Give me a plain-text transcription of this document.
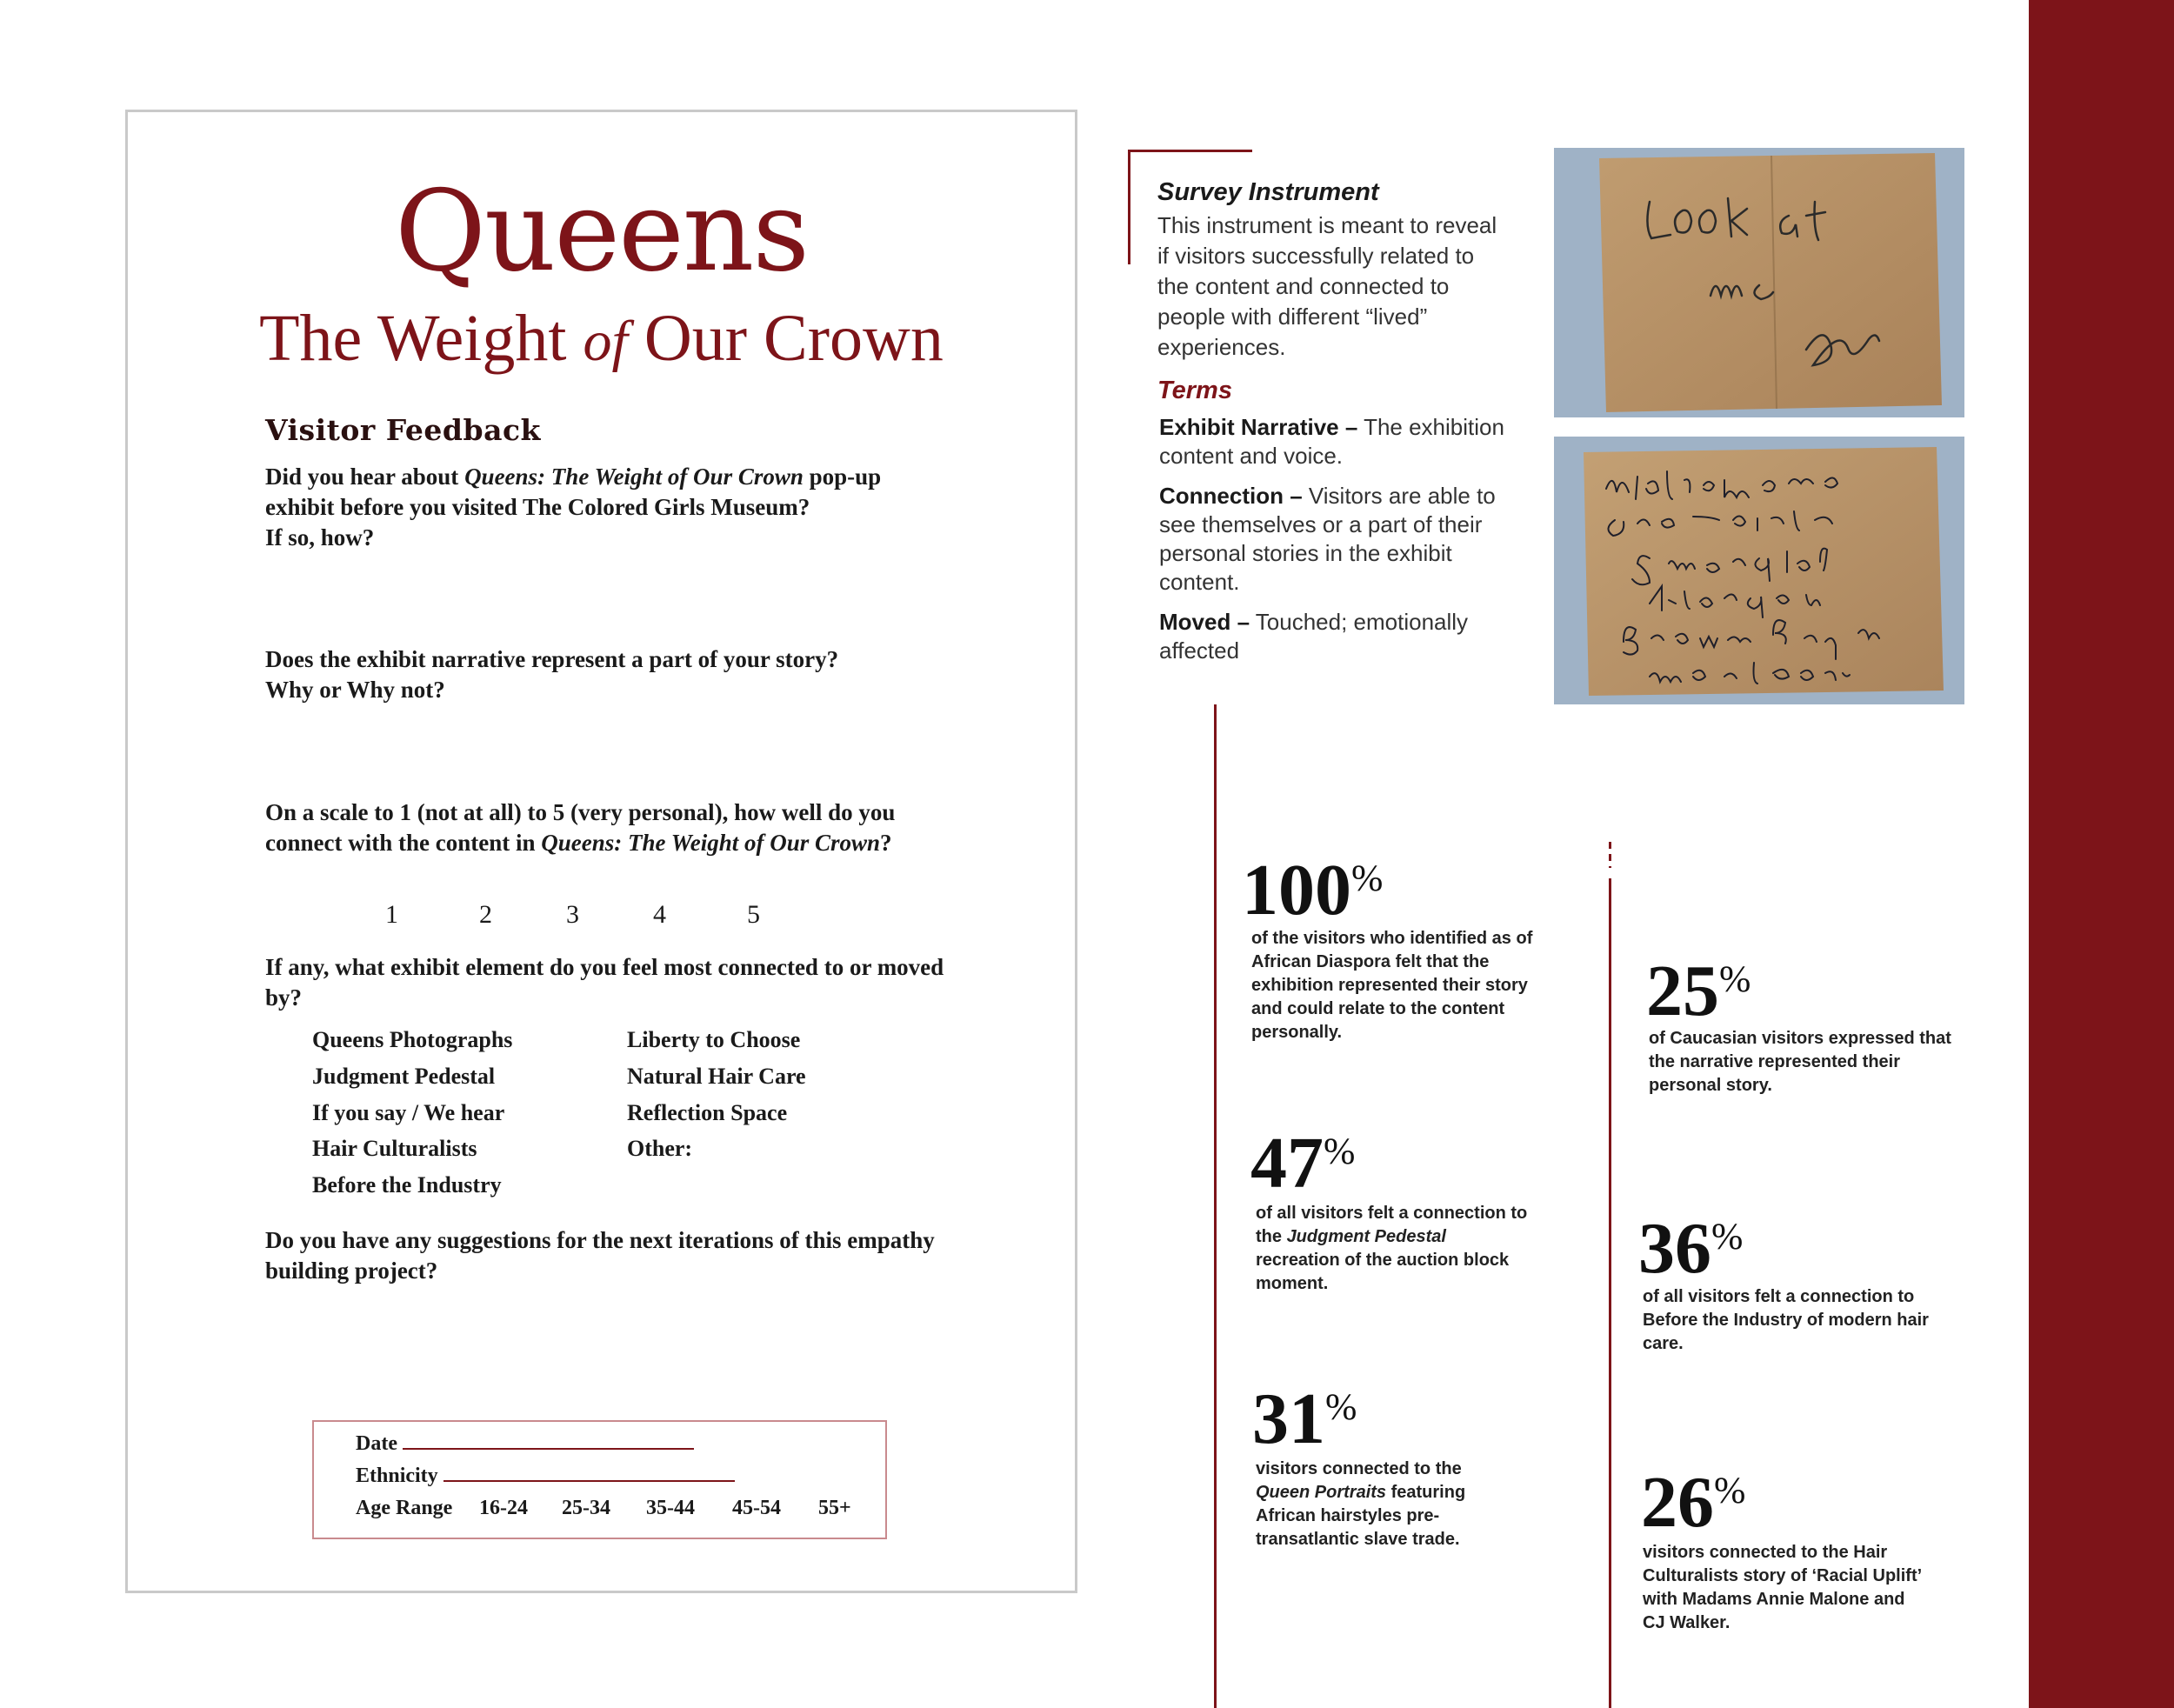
Queens
The Weight of Our Crown
Visitor Feedback
Did you hear about Queens: The Weight of Our Crown pop-up exhibit before you visited The Colored Girls Museum?
If so, how?
Does the exhibit narrative represent a part of your story?
Why or Why not?
On a scale to 1 (not at all) to 5 (very personal), how well do you connect with the content in Queens: The Weight of Our Crown?
1	2	3	4	5
If any, what exhibit element do you feel most connected to or moved by?
Queens Photographs
Judgment Pedestal
If you say / We hear
Hair Culturalists
Before the Industry
Liberty to Choose
Natural Hair Care
Reflection Space
Other:
Do you have any suggestions for the next iterations of this empathy building project?
Date
Ethnicity
Age Range 16-24 25-34 35-44 45-54 55+
Survey Instrument
This instrument is meant to reveal if visitors successfully related to the content and connected to people with different “lived” experiences.
Terms
Exhibit Narrative – The exhibition content and voice.
Connection – Visitors are able to see themselves or a part of their personal stories in the exhibit content.
Moved – Touched; emotionally affected
100%
of the visitors who identified as of African Diaspora felt that the exhibition represented their story and could relate to the content personally.
47%
of all visitors felt a connection to the Judgment Pedestal recreation of the auction block moment.
31%
visitors connected to the Queen Portraits featuring African hairstyles pre-transatlantic slave trade.
25%
of Caucasian visitors expressed that the narrative represented their personal story.
36%
of all visitors felt a connection to Before the Industry of modern hair care.
26%
visitors connected to the Hair Culturalists story of ‘Racial Uplift’ with Madams Annie Malone and CJ Walker.
